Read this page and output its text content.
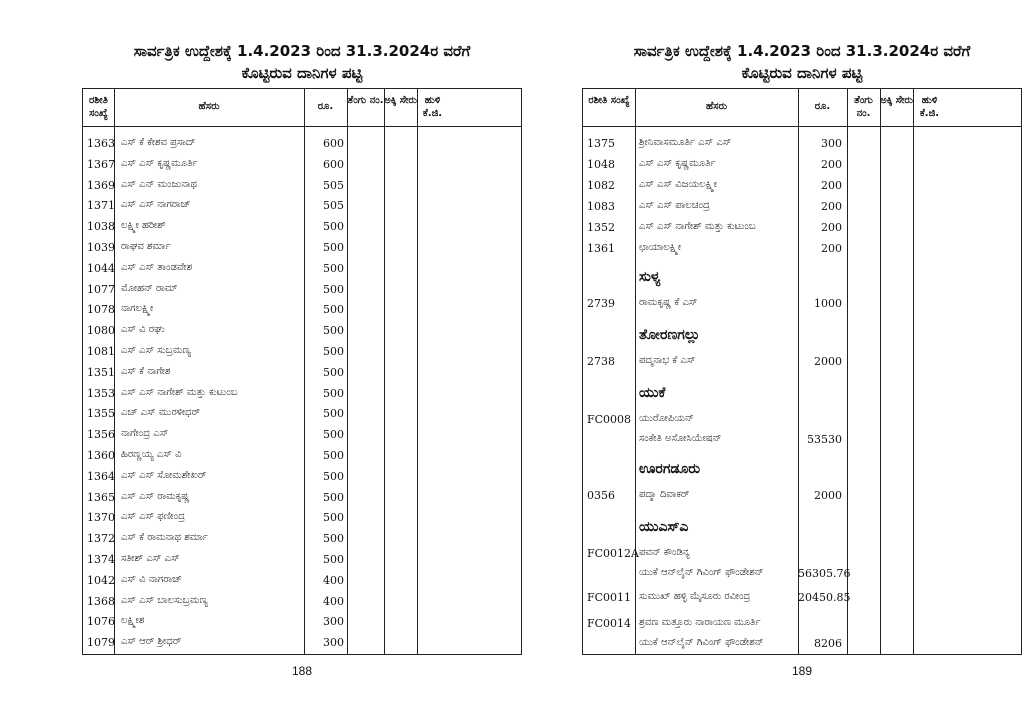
ಸಾರ್ವತ್ರಿಕ ಉದ್ದೇಶಕ್ಕೆ 1.4.2023 ರಿಂದ 31.3.2024ರ ವರೆಗೆ
ಕೊಟ್ಟಿರುವ ದಾನಿಗಳ ಪಟ್ಟಿ
ರಶೀತಿ ಸಂಖ್ಯೆ
ಹೆಸರು	ರೂ.
ತೆಂಗು ನಂ. ಅಕ್ಕಿ ಸೇರು ಹುಳಿ ಕೆ.ಜಿ.
1363 ಎಸ್ ಕೆ ಕೇಶವ ಪ್ರಸಾದ್	600
1367 ಎಸ್ ಎಸ್ ಕೃಷ್ಣಮೂರ್ತಿ	600
1369 ಎಸ್ ಎನ್ ಮಂಜುನಾಥ	505
1371 ಎಸ್ ಎಸ್ ನಾಗರಾಜ್	505
1038 ಲಕ್ಷ್ಮೀ ಹರೀಶ್	500
1039 ರಾಘವ ಶರ್ಮಾ	500
1044 ಎಸ್ ಎಸ್ ತಾಂಡವೇಶ	500
1077 ಮೋಹನ್ ರಾಮ್	500
1078 ನಾಗಲಕ್ಷ್ಮೀ	500
1080 ಎಸ್ ವಿ ರಘು	500
1081 ಎಸ್ ಎಸ್ ಸುಬ್ರಮಣ್ಯ	500
1351 ಎಸ್ ಕೆ ನಾಗೇಶ	500
1353 ಎಸ್ ಎಸ್ ನಾಗೇಶ್ ಮತ್ತು ಕುಟುಂಬ	500
1355 ಎಚ್ ಎಸ್ ಮುರಳೀಧರ್	500
1356 ನಾಗೇಂದ್ರ ಎಸ್	500
1360 ಹಿರಣ್ಣಯ್ಯ ಎಸ್ ವಿ	500
1364 ಎಸ್ ಎಸ್ ಸೋಮಶೇಖರ್	500
1365 ಎಸ್ ಎಸ್ ರಾಮಕೃಷ್ಣ	500
1370 ಎಸ್ ಎಸ್ ಫಣೀಂದ್ರ	500
1372 ಎಸ್ ಕೆ ರಾಮನಾಥ ಶರ್ಮಾ	500
1374 ಸತೀಶ್ ಎಸ್ ಎಸ್	500
1042 ಎಸ್ ವಿ ನಾಗರಾಜ್	400
1368 ಎಸ್ ಎಸ್ ಬಾಲಸುಬ್ರಮಣ್ಯ	400
1076 ಲಕ್ಷ್ಮೀಶ	300
1079 ಎಸ್ ಆರ್ ಶ್ರೀಧರ್	300
188
ಸಾರ್ವತ್ರಿಕ ಉದ್ದೇಶಕ್ಕೆ 1.4.2023 ರಿಂದ 31.3.2024ರ ವರೆಗೆ
ಕೊಟ್ಟಿರುವ ದಾನಿಗಳ ಪಟ್ಟಿ
ರಶೀತಿ ಸಂಖ್ಯೆ
ಹೆಸರು	ರೂ.
ತೆಂಗು ನಂ.
ಅಕ್ಕಿ ಸೇರು ಹುಳಿ ಕೆ.ಜಿ.
1375	ಶ್ರೀನಿವಾಸಮೂರ್ತಿ ಎಸ್ ಎಸ್	300
1048	ಎಸ್ ಎಸ್ ಕೃಷ್ಣಮೂರ್ತಿ	200
1082	ಎಸ್ ಎಸ್ ವಿಜಯಲಕ್ಷ್ಮೀ	200
1083	ಎಸ್ ಎಸ್ ಪಾಲಚಂದ್ರ	200
1352	ಎಸ್ ಎಸ್ ನಾಗೇಶ್ ಮತ್ತು ಕುಟುಂಬ	200
1361	ಛಾಯಾಲಕ್ಷ್ಮೀ	200
ಸುಳ್ಯ
2739	ರಾಮಕೃಷ್ಣ ಕೆ ಎಸ್	1000
ತೋರಣಗಲ್ಲು
2738	ಪದ್ಮನಾಭ ಕೆ ಎಸ್	2000
ಯುಕೆ
FC0008 ಯುರೋಪಿಯನ್
ಸಂಕೇತಿ ಅಸೋಸಿಯೇಷನ್	53530
ಊರಗಡೂರು
0356	ಪದ್ಮಾ ದಿವಾಕರ್	2000
ಯುಎಸ್ಎ
FC0012A ಪವನ್ ಕೌಂಡಿನ್ಯ
ಯುಕೆ ಆನ್‌ಲೈನ್ ಗಿವಿಂಗ್ ಫೌಂಡೇಶನ್	56305.76
FC0011 ಸುಮುಖ್ ಹಳ್ಳಿ ಮೈಸೂರು ರವೀಂದ್ರ	20450.85
FC0014 ಶ್ರವಣ ಮತ್ತೂರು ನಾರಾಯಣ ಮೂರ್ತಿ
ಯುಕೆ ಆನ್‌ಲೈನ್ ಗಿವಿಂಗ್ ಫೌಂಡೇಶನ್	8206
189
